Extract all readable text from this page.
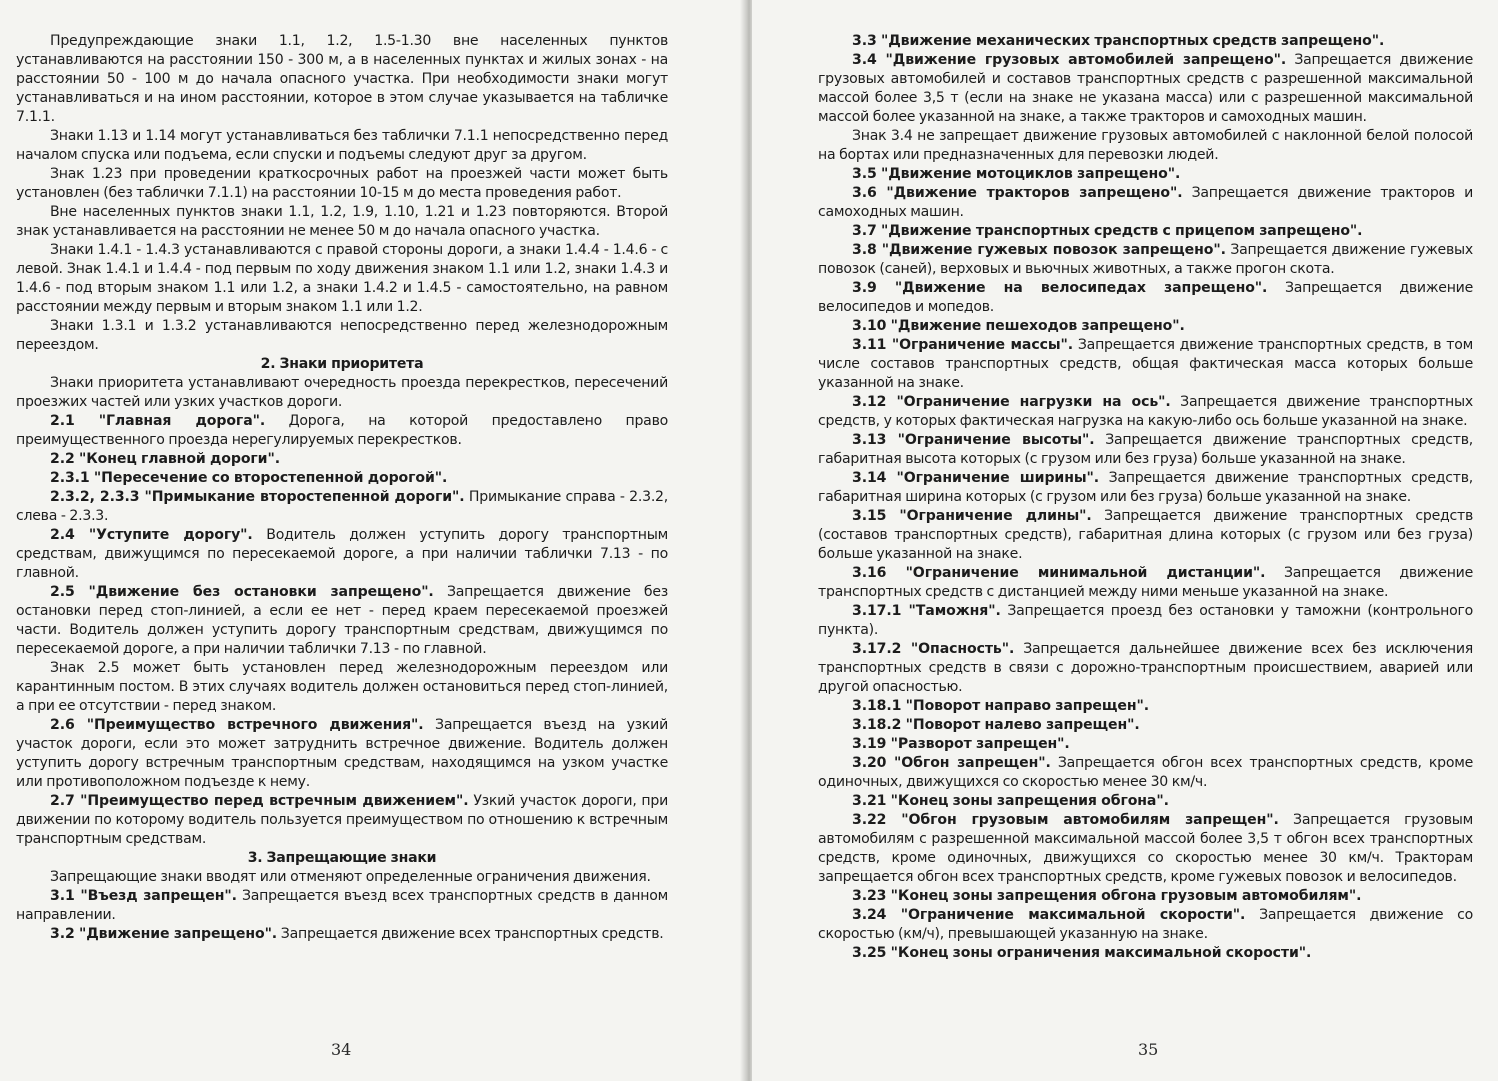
Предупреждающие знаки 1.1, 1.2, 1.5-1.30 вне населенных пунктов устанавливаются на расстоянии 150 - 300 м, а в населенных пунктах и жилых зонах - на расстоянии 50 - 100 м до начала опасного участка. При необходимости знаки могут устанавливаться и на ином расстоянии, которое в этом случае указывается на табличке 7.1.1.

Знаки 1.13 и 1.14 могут устанавливаться без таблички 7.1.1 непосредственно перед началом спуска или подъема, если спуски и подъемы следуют друг за другом.

Знак 1.23 при проведении краткосрочных работ на проезжей части может быть установлен (без таблички 7.1.1) на расстоянии 10-15 м до места проведения работ.

Вне населенных пунктов знаки 1.1, 1.2, 1.9, 1.10, 1.21 и 1.23 повторяются. Второй знак устанавливается на расстоянии не менее 50 м до начала опасного участка.

Знаки 1.4.1 - 1.4.3 устанавливаются с правой стороны дороги, а знаки 1.4.4 - 1.4.6 - с левой. Знак 1.4.1 и 1.4.4 - под первым по ходу движения знаком 1.1 или 1.2, знаки 1.4.3 и 1.4.6 - под вторым знаком 1.1 или 1.2, а знаки 1.4.2 и 1.4.5 - самостоятельно, на равном расстоянии между первым и вторым знаком 1.1 или 1.2.

Знаки 1.3.1 и 1.3.2 устанавливаются непосредственно перед железнодорожным переездом.

2. Знаки приоритета

Знаки приоритета устанавливают очередность проезда перекрестков, пересечений проезжих частей или узких участков дороги.

2.1 "Главная дорога". Дорога, на которой предоставлено право преимущественного проезда нерегулируемых перекрестков.

2.2 "Конец главной дороги".

2.3.1 "Пересечение со второстепенной дорогой".

2.3.2, 2.3.3 "Примыкание второстепенной дороги". Примыкание справа - 2.3.2, слева - 2.3.3.

2.4 "Уступите дорогу". Водитель должен уступить дорогу транспортным средствам, движущимся по пересекаемой дороге, а при наличии таблички 7.13 - по главной.

2.5 "Движение без остановки запрещено". Запрещается движение без остановки перед стоп-линией, а если ее нет - перед краем пересекаемой проезжей части. Водитель должен уступить дорогу транспортным средствам, движущимся по пересекаемой дороге, а при наличии таблички 7.13 - по главной.

Знак 2.5 может быть установлен перед железнодорожным переездом или карантинным постом. В этих случаях водитель должен остановиться перед стоп-линией, а при ее отсутствии - перед знаком.

2.6 "Преимущество встречного движения". Запрещается въезд на узкий участок дороги, если это может затруднить встречное движение. Водитель должен уступить дорогу встречным транспортным средствам, находящимся на узком участке или противоположном подъезде к нему.

2.7 "Преимущество перед встречным движением". Узкий участок дороги, при движении по которому водитель пользуется преимуществом по отношению к встречным транспортным средствам.

3. Запрещающие знаки

Запрещающие знаки вводят или отменяют определенные ограничения движения.

3.1 "Въезд запрещен". Запрещается въезд всех транспортных средств в данном направлении.

3.2 "Движение запрещено". Запрещается движение всех транспортных средств.

34

3.3 "Движение механических транспортных средств запрещено".

3.4 "Движение грузовых автомобилей запрещено". Запрещается движение грузовых автомобилей и составов транспортных средств с разрешенной максимальной массой более 3,5 т (если на знаке не указана масса) или с разрешенной максимальной массой более указанной на знаке, а также тракторов и самоходных машин.

Знак 3.4 не запрещает движение грузовых автомобилей с наклонной белой полосой на бортах или предназначенных для перевозки людей.

3.5 "Движение мотоциклов запрещено".

3.6 "Движение тракторов запрещено". Запрещается движение тракторов и самоходных машин.

3.7 "Движение транспортных средств с прицепом запрещено".

3.8 "Движение гужевых повозок запрещено". Запрещается движение гужевых повозок (саней), верховых и вьючных животных, а также прогон скота.

3.9 "Движение на велосипедах запрещено". Запрещается движение велосипедов и мопедов.

3.10 "Движение пешеходов запрещено".

3.11 "Ограничение массы". Запрещается движение транспортных средств, в том числе составов транспортных средств, общая фактическая масса которых больше указанной на знаке.

3.12 "Ограничение нагрузки на ось". Запрещается движение транспортных средств, у которых фактическая нагрузка на какую-либо ось больше указанной на знаке.

3.13 "Ограничение высоты". Запрещается движение транспортных средств, габаритная высота которых (с грузом или без груза) больше указанной на знаке.

3.14 "Ограничение ширины". Запрещается движение транспортных средств, габаритная ширина которых (с грузом или без груза) больше указанной на знаке.

3.15 "Ограничение длины". Запрещается движение транспортных средств (составов транспортных средств), габаритная длина которых (с грузом или без груза) больше указанной на знаке.

3.16 "Ограничение минимальной дистанции". Запрещается движение транспортных средств с дистанцией между ними меньше указанной на знаке.

3.17.1 "Таможня". Запрещается проезд без остановки у таможни (контрольного пункта).

3.17.2 "Опасность". Запрещается дальнейшее движение всех без исключения транспортных средств в связи с дорожно-транспортным происшествием, аварией или другой опасностью.

3.18.1 "Поворот направо запрещен".

3.18.2 "Поворот налево запрещен".

3.19 "Разворот запрещен".

3.20 "Обгон запрещен". Запрещается обгон всех транспортных средств, кроме одиночных, движущихся со скоростью менее 30 км/ч.

3.21 "Конец зоны запрещения обгона".

3.22 "Обгон грузовым автомобилям запрещен". Запрещается грузовым автомобилям с разрешенной максимальной массой более 3,5 т обгон всех транспортных средств, кроме одиночных, движущихся со скоростью менее 30 км/ч. Тракторам запрещается обгон всех транспортных средств, кроме гужевых повозок и велосипедов.

3.23 "Конец зоны запрещения обгона грузовым автомобилям".

3.24 "Ограничение максимальной скорости". Запрещается движение со скоростью (км/ч), превышающей указанную на знаке.

3.25 "Конец зоны ограничения максимальной скорости".

35
